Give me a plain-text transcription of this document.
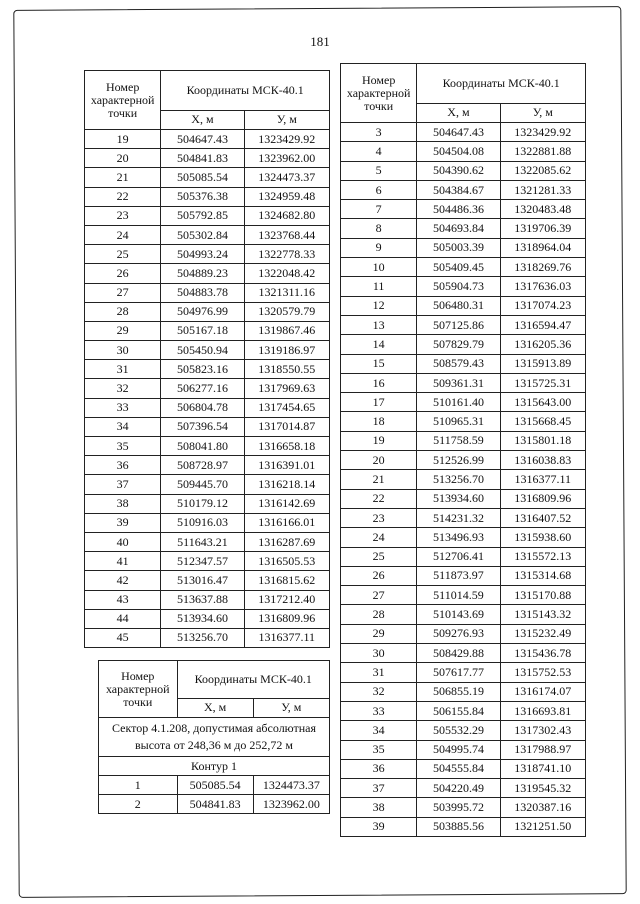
181
Номер характерной точки	Координаты МСК-40.1	
	X, м	У, м
19	504647.43	1323429.92
20	504841.83	1323962.00
21	505085.54	1324473.37
22	505376.38	1324959.48
23	505792.85	1324682.80
24	505302.84	1323768.44
25	504993.24	1322778.33
26	504889.23	1322048.42
27	504883.78	1321311.16
28	504976.99	1320579.79
29	505167.18	1319867.46
30	505450.94	1319186.97
31	505823.16	1318550.55
32	506277.16	1317969.63
33	506804.78	1317454.65
34	507396.54	1317014.87
35	508041.80	1316658.18
36	508728.97	1316391.01
37	509445.70	1316218.14
38	510179.12	1316142.69
39	510916.03	1316166.01
40	511643.21	1316287.69
41	512347.57	1316505.53
42	513016.47	1316815.62
43	513637.88	1317212.40
44	513934.60	1316809.96
45	513256.70	1316377.11
Номер характерной точки	Координаты МСК-40.1	
	X, м	У, м
3	504647.43	1323429.92
4	504504.08	1322881.88
5	504390.62	1322085.62
6	504384.67	1321281.33
7	504486.36	1320483.48
8	504693.84	1319706.39
9	505003.39	1318964.04
10	505409.45	1318269.76
11	505904.73	1317636.03
12	506480.31	1317074.23
13	507125.86	1316594.47
14	507829.79	1316205.36
15	508579.43	1315913.89
16	509361.31	1315725.31
17	510161.40	1315643.00
18	510965.31	1315668.45
19	511758.59	1315801.18
20	512526.99	1316038.83
21	513256.70	1316377.11
22	513934.60	1316809.96
23	514231.32	1316407.52
24	513496.93	1315938.60
25	512706.41	1315572.13
26	511873.97	1315314.68
27	511014.59	1315170.88
28	510143.69	1315143.32
29	509276.93	1315232.49
30	508429.88	1315436.78
31	507617.77	1315752.53
32	506855.19	1316174.07
33	506155.84	1316693.81
34	505532.29	1317302.43
35	504995.74	1317988.97
36	504555.84	1318741.10
37	504220.49	1319545.32
38	503995.72	1320387.16
39	503885.56	1321251.50
Номер характерной точки	Координаты МСК-40.1	
	X, м	У, м
Сектор 4.1.208, допустимая абсолютная высота от 248,36 м до 252,72 м		
Контур 1		
1	505085.54	1324473.37
2	504841.83	1323962.00
